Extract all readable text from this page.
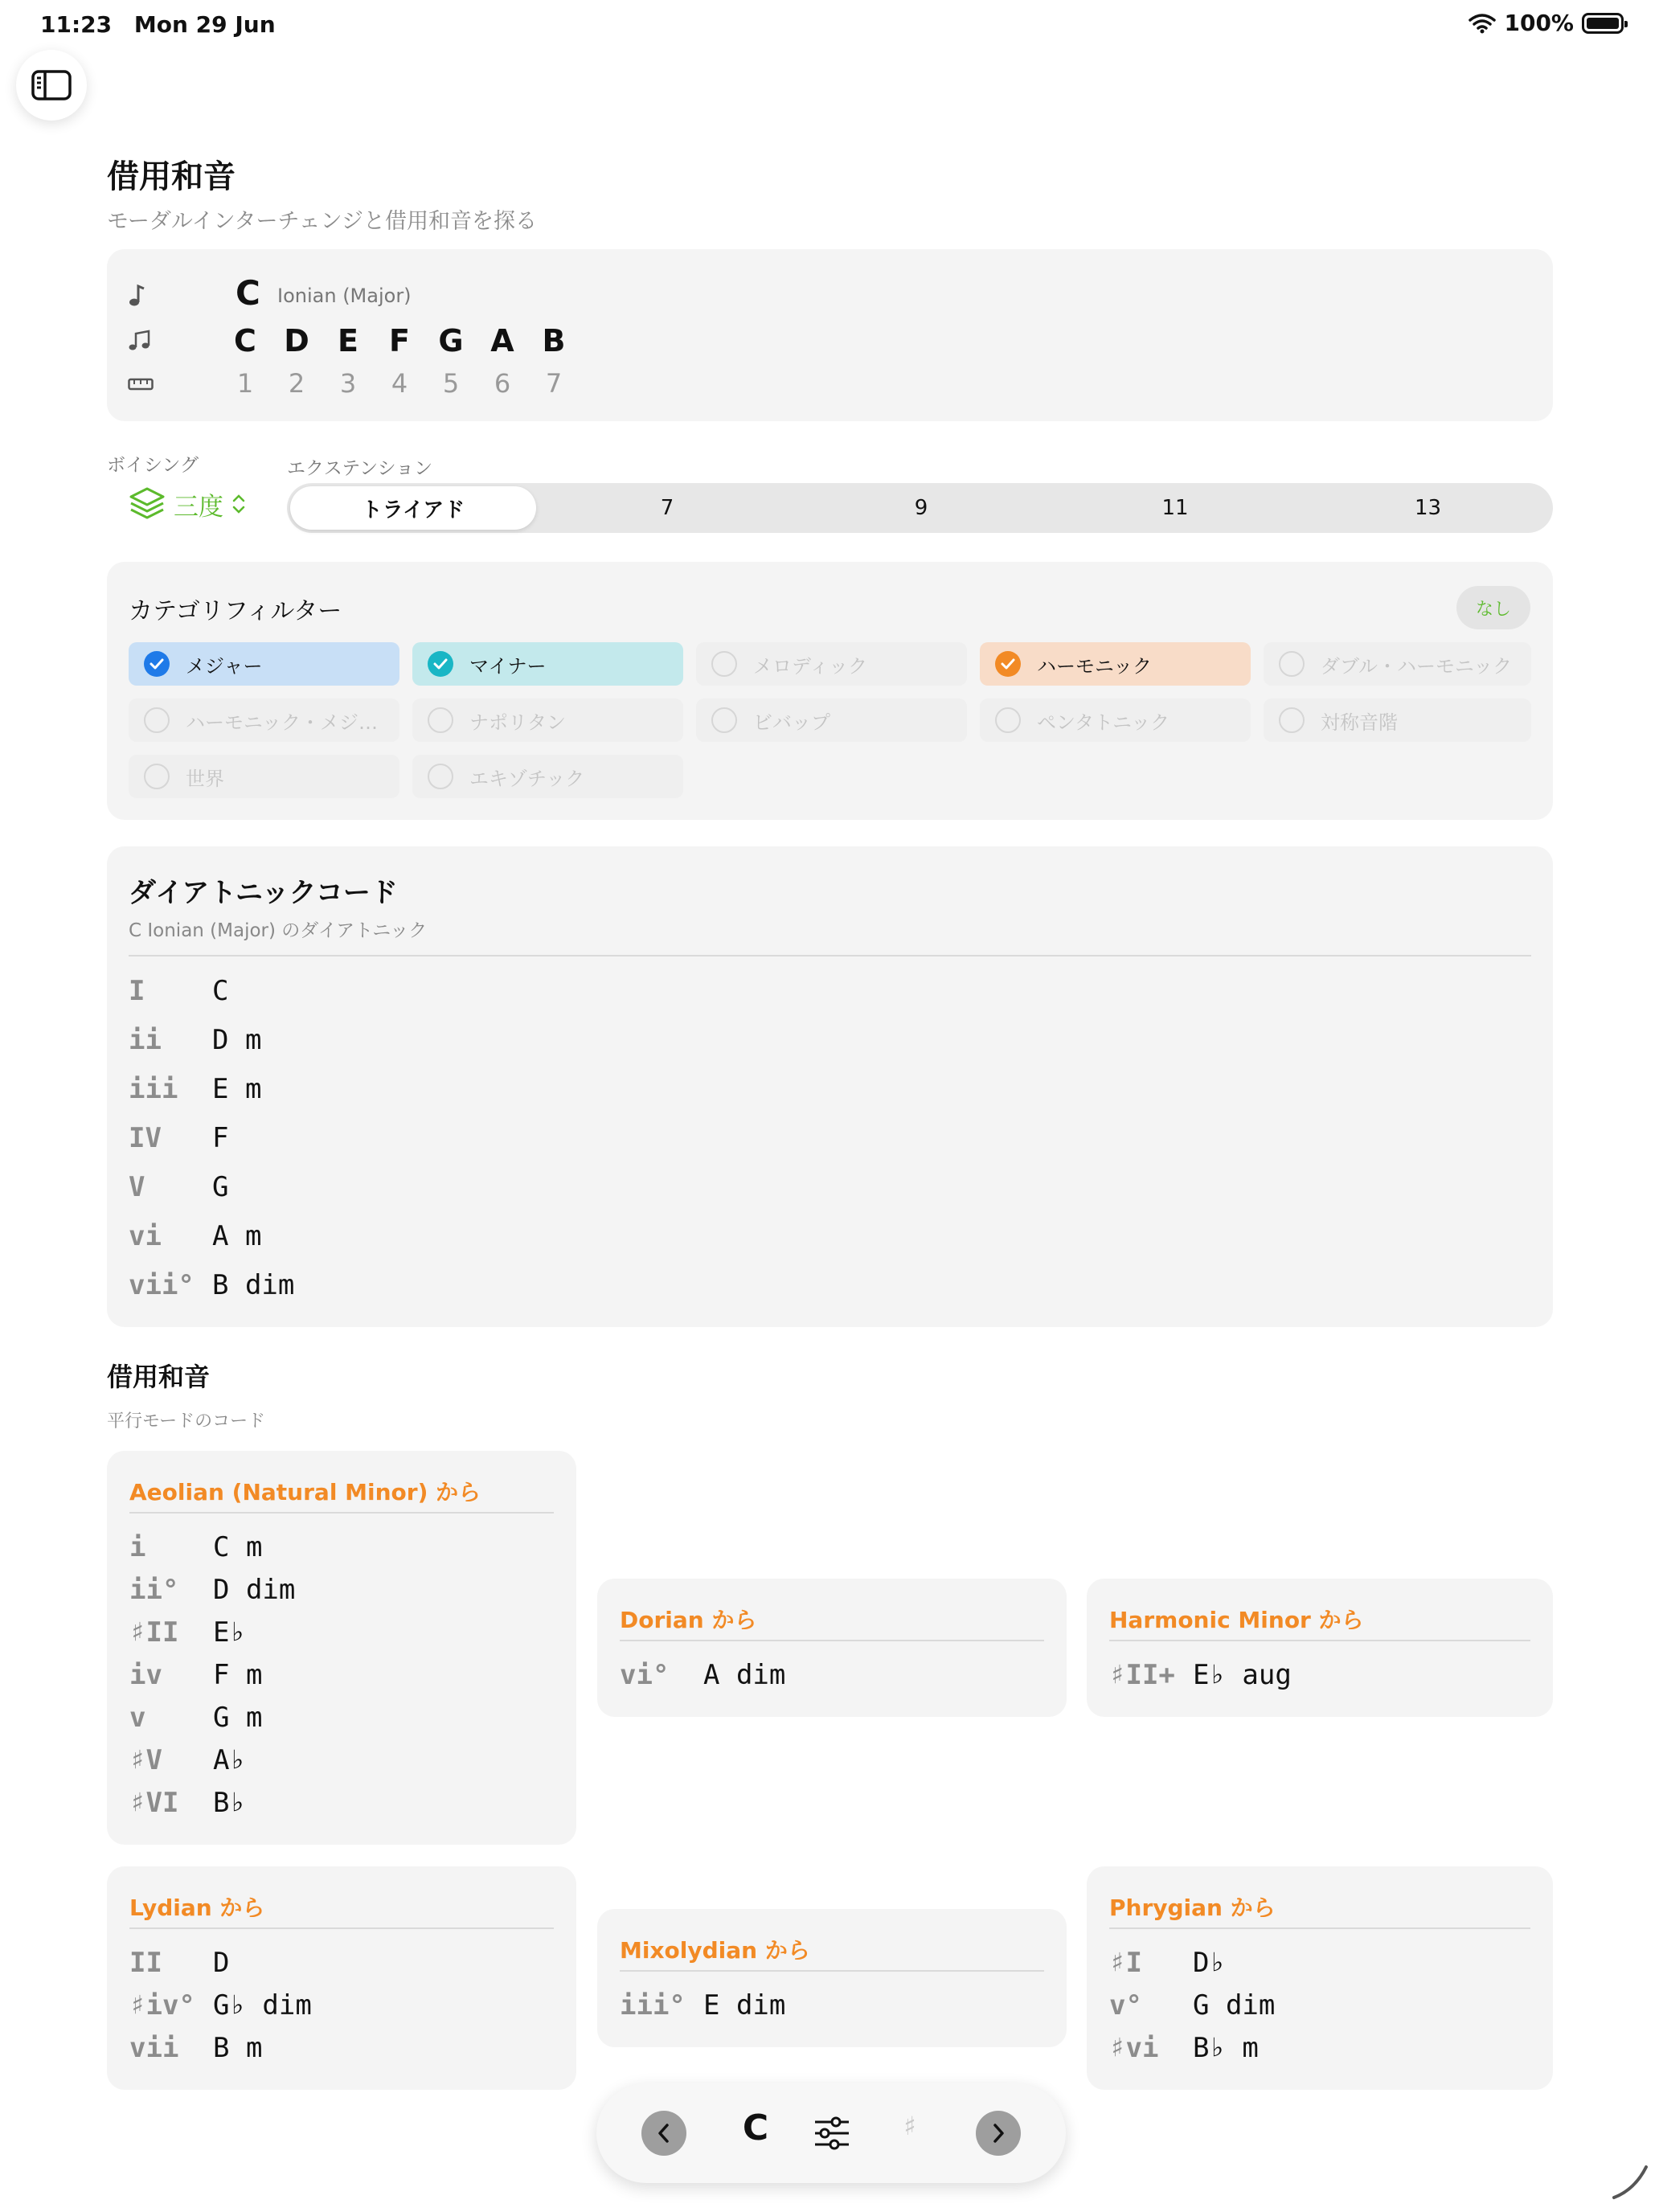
11:23 Mon 29 Jun	100%
借用和音
モーダルインターチェンジと借用和音を探る
C Ionian (Major)
C D E	F G A B
1	2	3	4	5	6	7
ボイシング	エクステンション
三度	トライアド	7	9	11	13
カテゴリフィルター	なし
メジャー	マイナー	メロディック	ハーモニック	ダブル・ハーモニック
ハーモニック・メジ…	ナポリタン	ビバップ	ペンタトニック	対称音階
世界	エキゾチック
ダイアトニックコード
C Ionian (Major) のダイアトニック
I C
ii D m
iii E m
IV F
V G
vi A m
vii° B dim
借用和音
平行モードのコード
Aeolian (Natural Minor) から
i C m
ii° D dim
♯II E♭
iv F m
v G m
♯V A♭
♯VI B♭
Dorian から
vi° A dim
Harmonic Minor から
♯II+ E♭ aug
Lydian から
II D
♯iv° G♭ dim
vii B m
Mixolydian から
iii° E dim
Phrygian から
♯I D♭
v° G dim
♯vi B♭ m
C	♯
